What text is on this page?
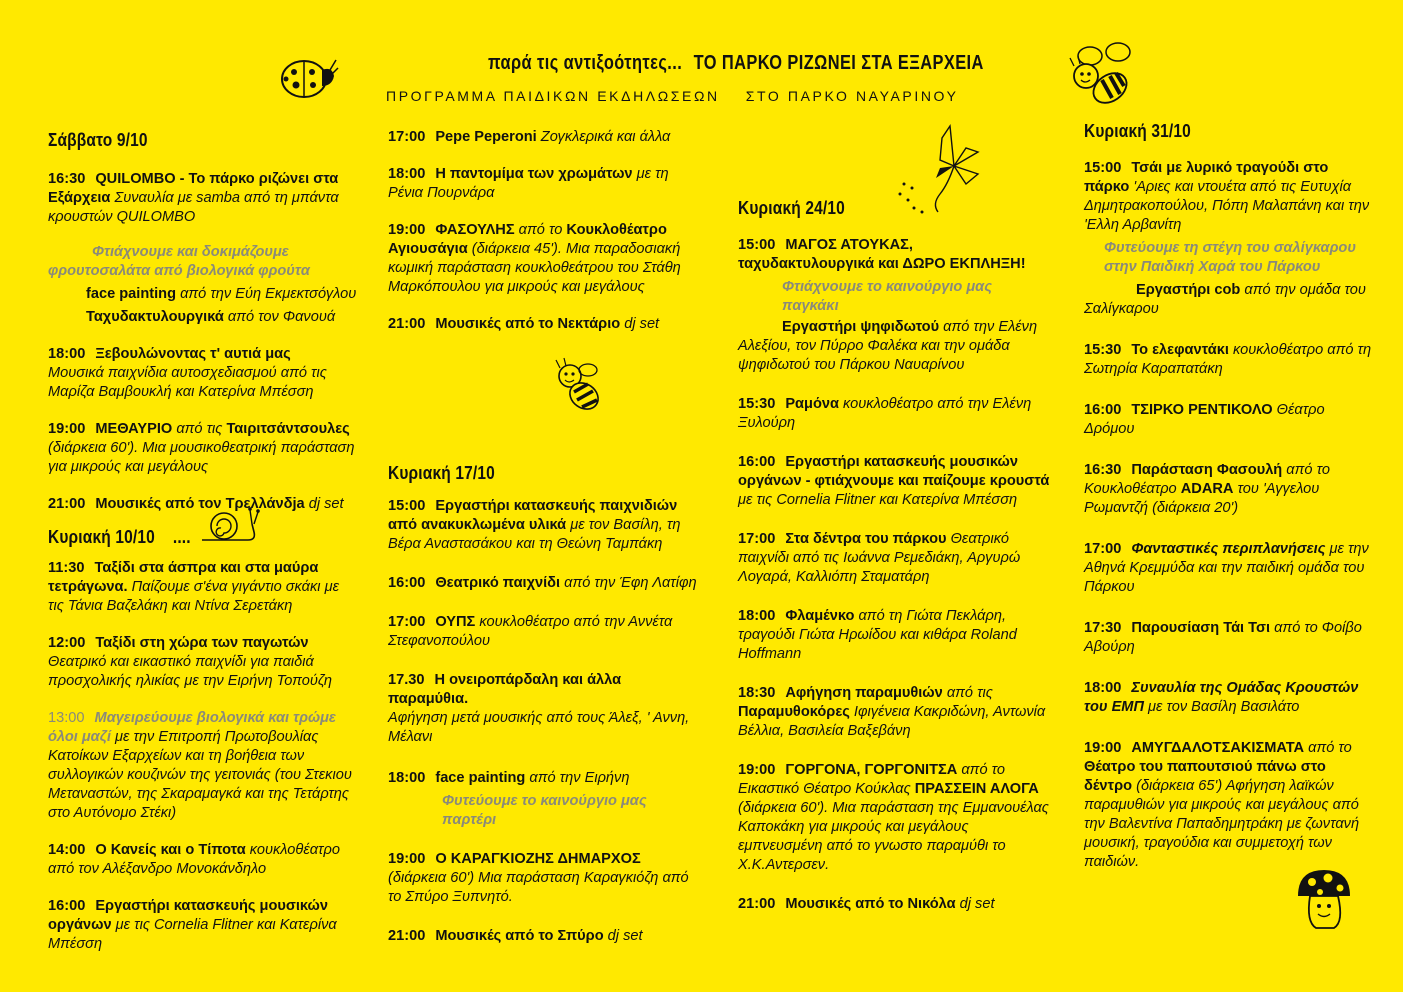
παρά τις αντιξοότητες... ΤΟ ΠΑΡΚΟ ΡΙΖΩΝΕΙ ΣΤΑ ΕΞΑΡΧΕΙΑ
ΠΡΟΓΡΑΜΜΑ ΠΑΙΔΙΚΩΝ ΕΚΔΗΛΩΣΕΩΝ ΣΤΟ ΠΑΡΚΟ ΝΑΥΑΡΙΝΟΥ
Σάββατο 9/10

16:30 QUILOMBO - Το πάρκο ριζώνει στα Εξάρχεια Συναυλία με samba από τη μπάντα κρουστών QUILOMBO

Φτιάχνουμε και δοκιμάζουμε

φρουτοσαλάτα από βιολογικά φρούτα

face painting από την Εύη Εκμεκτσόγλου

Ταχυδακτυλουργικά από τον Φανουά

18:00 Ξεβουλώνοντας τ' αυτιά μας
Μουσικά παιχνίδια αυτοσχεδιασμού από τις Μαρίζα Βαμβουκλή και Κατερίνα Μπέσση

19:00 ΜΕΘΑΥΡΙΟ από τις Ταιριτσάντσουλες (διάρκεια 60'). Μια μουσικοθεατρική παράσταση για μικρούς και μεγάλους

21:00 Μουσικές από τον Τρελλάνδja dj set

Κυριακή 10/10 ....

11:30 Ταξίδι στα άσπρα και στα μαύρα τετράγωνα. Παίζουμε σ'ένα γιγάντιο σκάκι με τις Τάνια Βαζελάκη και Ντίνα Σερετάκη

12:00 Ταξίδι στη χώρα των παγωτών
Θεατρικό και εικαστικό παιχνίδι για παιδιά προσχολικής ηλικίας με την Ειρήνη Τοπούζη

13:00 Μαγειρεύουμε βιολογικά και τρώμε όλοι μαζί με την Επιτροπή Πρωτοβουλίας Κατοίκων Εξαρχείων και τη βοήθεια των συλλογικών κουζινών της γειτονιάς (του Στεκιου Μεταναστών, της Σκαραμαγκά και της Τετάρτης στο Αυτόνομο Στέκι)

14:00 Ο Κανείς και ο Τίποτα κουκλοθέατρο από τον Αλέξανδρο Μονοκάνδηλο

16:00 Εργαστήρι κατασκευής μουσικών οργάνων με τις Cornelia Flitner και Κατερίνα Μπέσση

17:00 Pepe Peperoni Ζογκλερικά και άλλα

18:00 Η παντομίμα των χρωμάτων με τη Ρένια Πουρνάρα

19:00 ΦΑΣΟΥΛΗΣ από το Κουκλοθέατρο Αγιουσάγια (διάρκεια 45'). Μια παραδοσιακή κωμική παράσταση κουκλοθεάτρου του Στάθη Μαρκόπουλου για μικρούς και μεγάλους

21:00 Μουσικές από το Νεκτάριο dj set

Κυριακή 17/10

15:00 Εργαστήρι κατασκευής παιχνιδιών από ανακυκλωμένα υλικά με τον Βασίλη, τη Βέρα Αναστασάκου και τη Θεώνη Ταμπάκη

16:00 Θεατρικό παιχνίδι από την Έφη Λατίφη

17:00 ΟΥΠΣ κουκλοθέατρο από την Αννέτα Στεφανοπούλου

17.30 Η ονειροπάρδαλη και άλλα παραμύθια.
Αφήγηση μετά μουσικής από τους Άλεξ, ' Αννη, Μέλανι

18:00 face painting από την Ειρήνη

Φυτεύουμε το καινούργιο μας παρτέρι

19:00 Ο ΚΑΡΑΓΚΙΟΖΗΣ ΔΗΜΑΡΧΟΣ (διάρκεια 60') Μια παράσταση Καραγκιόζη από το Σπύρο Ξυπνητό.

21:00 Μουσικές από το Σπύρο dj set

Κυριακή 24/10

15:00 ΜΑΓΟΣ ΑΤΟΥΚΑΣ, ταχυδακτυλουργικά και ΔΩΡΟ ΕΚΠΛΗΞΗ!

Φτιάχνουμε το καινούργιο μας παγκάκι

Εργαστήρι ψηφιδωτού από την Ελένη Αλεξίου, τον Πύρρο Φαλέκα και την ομάδα ψηφιδωτού του Πάρκου Ναυαρίνου

15:30 Ραμόνα κουκλοθέατρο από την Ελένη Ξυλούρη

16:00 Εργαστήρι κατασκευής μουσικών οργάνων - φτιάχνουμε και παίζουμε κρουστά με τις Cornelia Flitner και Κατερίνα Μπέσση

17:00 Στα δέντρα του πάρκου Θεατρικό παιχνίδι από τις Ιωάννα Ρεμεδιάκη, Αργυρώ Λογαρά, Καλλιόπη Σταματάρη

18:00 Φλαμένκο από τη Γιώτα Πεκλάρη, τραγούδι Γιώτα Ηρωίδου και κιθάρα Roland Hoffmann

18:30 Αφήγηση παραμυθιών από τις Παραμυθοκόρες Ιφιγένεια Κακριδώνη, Αντωνία Βέλλια, Βασιλεία Βαξεβάνη

19:00 ΓΟΡΓΟΝΑ, ΓΟΡΓΟΝΙΤΣΑ από το Εικαστικό Θέατρο Κούκλας ΠΡΑΣΣΕΙΝ ΑΛΟΓΑ (διάρκεια 60'). Μια παράσταση της Εμμανουέλας Καποκάκη για μικρούς και μεγάλους εμπνευσμένη από το γνωστο παραμύθι το Χ.Κ.Αντερσεν.

21:00 Μουσικές από το Νικόλα dj set

Κυριακή 31/10

15:00 Τσάι με λυρικό τραγούδι στο πάρκο 'Αριες και ντουέτα από τις Ευτυχία Δημητρακοπούλου, Πόπη Μαλαπάνη και την 'Ελλη Αρβανίτη

Φυτεύουμε τη στέγη του σαλίγκαρου στην Παιδική Χαρά του Πάρκου

Εργαστήρι cob από την ομάδα του Σαλίγκαρου

15:30 Το ελεφαντάκι κουκλοθέατρο από τη Σωτηρία Καραπατάκη

16:00 ΤΣΙΡΚΟ ΡΕΝΤΙΚΟΛΟ Θέατρο Δρόμου

16:30 Παράσταση Φασουλή από το Κουκλοθέατρο ADARA του 'Αγγελου Ρωμαντζή (διάρκεια 20')

17:00 Φανταστικές περιπλανήσεις με την Αθηνά Κρεμμύδα και την παιδική ομάδα του Πάρκου

17:30 Παρουσίαση Τάι Τσι από το Φοίβο Αβούρη

18:00 Συναυλία της Ομάδας Κρουστών του ΕΜΠ με τον Βασίλη Βασιλάτο

19:00 ΑΜΥΓΔΑΛΟΤΣΑΚΙΣΜΑΤΑ από το Θέατρο του παπουτσιού πάνω στο δέντρο (διάρκεια 65') Αφήγηση λαϊκών παραμυθιών για μικρούς και μεγάλους από την Βαλεντίνα Παπαδημητράκη με ζωντανή μουσική, τραγούδια και συμμετοχή των παιδιών.
